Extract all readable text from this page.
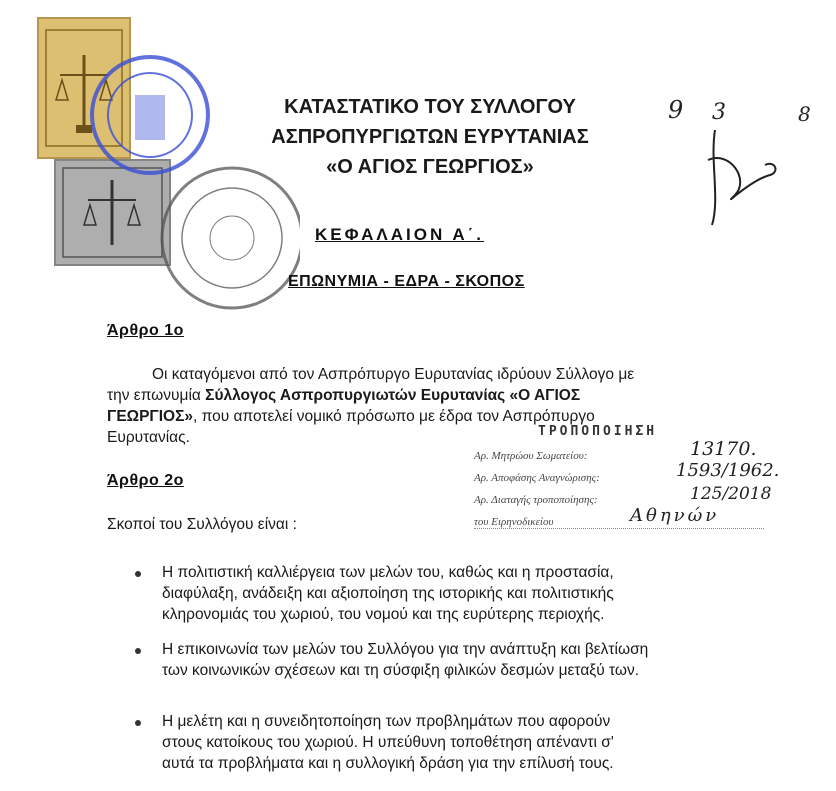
ΚΑΤΑΣΤΑΤΙΚΟ ΤΟΥ ΣΥΛΛΟΓΟΥ
ΑΣΠΡΟΠΥΡΓΙΩΤΩΝ ΕΥΡΥΤΑΝΙΑΣ
«Ο ΑΓΙΟΣ ΓΕΩΡΓΙΟΣ»
9 3	8
ΚΕΦΑΛΑΙΟΝ Α΄.
ΕΠΩΝΥΜΙΑ - ΕΔΡΑ - ΣΚΟΠΟΣ
Άρθρο 1ο
Οι καταγόμενοι από τον Ασπρόπυργο Ευρυτανίας ιδρύουν Σύλλογο με
την επωνυμία Σύλλογος Ασπροπυργιωτών Ευρυτανίας «Ο ΑΓΙΟΣ
ΓΕΩΡΓΙΟΣ», που αποτελεί νομικό πρόσωπο με έδρα τον Ασπρόπυργο
Ευρυτανίας.	ΤΡΟΠΟΠΟΙΗΣΗ
Αρ. Μητρώου Σωματείου:	13170.
Αρ. Αποφάσης Αναγνώρισης:	1593/1962.
Αρ. Διαταγής τροποποίησης:	125/2018
του Ειρηνοδικείου	Αθηνών
Άρθρο 2ο
Σκοποί του Συλλόγου είναι :
Η πολιτιστική καλλιέργεια των μελών του, καθώς και η προστασία,
διαφύλαξη, ανάδειξη και αξιοποίηση της ιστορικής και πολιτιστικής
κληρονομιάς του χωριού, του νομού και της ευρύτερης περιοχής.
Η επικοινωνία των μελών του Συλλόγου για την ανάπτυξη και βελτίωση
των κοινωνικών σχέσεων και τη σύσφιξη φιλικών δεσμών μεταξύ των.
Η μελέτη και η συνειδητοποίηση των προβλημάτων που αφορούν
στους κατοίκους του χωριού. Η υπεύθυνη τοποθέτηση απέναντι σ'
αυτά τα προβλήματα και η συλλογική δράση για την επίλυσή τους.
